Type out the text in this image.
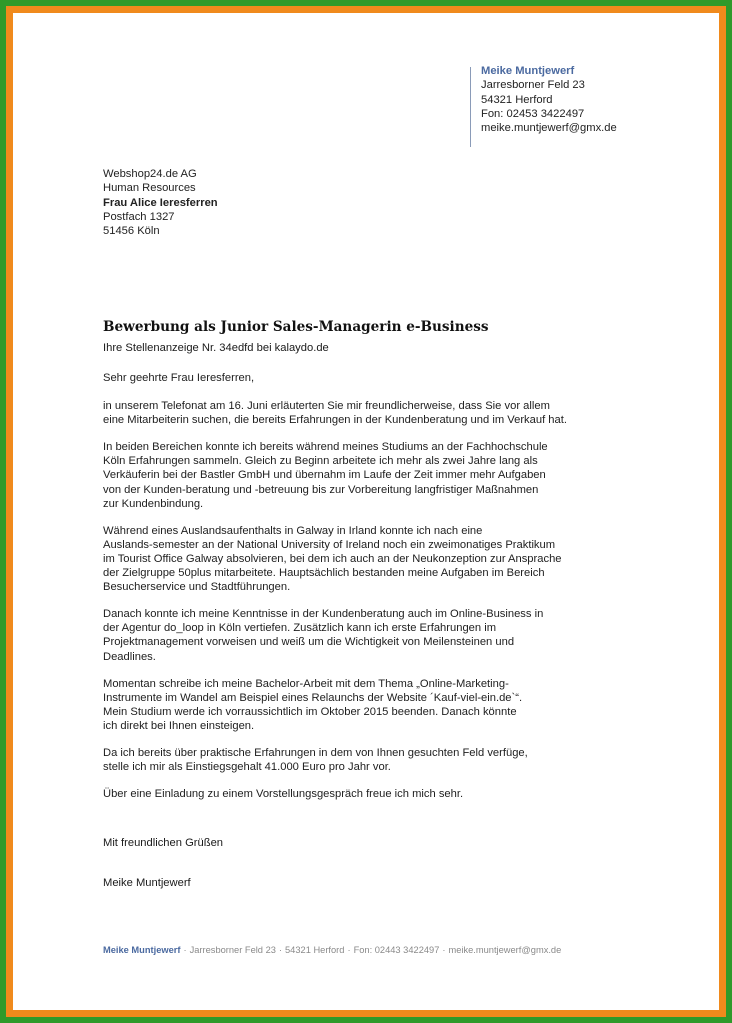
Meike Muntjewerf
Jarresborner Feld 23
54321 Herford
Fon: 02453 3422497
meike.muntjewerf@gmx.de
Webshop24.de AG
Human Resources
Frau Alice Ieresferren
Postfach 1327
51456 Köln
Bewerbung als Junior Sales-Managerin e-Business
Ihre Stellenanzeige Nr. 34edfd bei kalaydo.de

Sehr geehrte Frau Ieresferren,

in unserem Telefonat am 16. Juni erläuterten Sie mir freundlicherweise, dass Sie vor allem
eine Mitarbeiterin suchen, die bereits Erfahrungen in der Kundenberatung und im Verkauf hat.

In beiden Bereichen konnte ich bereits während meines Studiums an der Fachhochschule
Köln Erfahrungen sammeln. Gleich zu Beginn arbeitete ich mehr als zwei Jahre lang als
Verkäuferin bei der Bastler GmbH und übernahm im Laufe der Zeit immer mehr Aufgaben
von der Kunden-beratung und -betreuung bis zur Vorbereitung langfristiger Maßnahmen
zur Kundenbindung.

Während eines Auslandsaufenthalts in Galway in Irland konnte ich nach eine
Auslands-semester an der National University of Ireland noch ein zweimonatiges Praktikum
im Tourist Office Galway absolvieren, bei dem ich auch an der Neukonzeption zur Ansprache
der Zielgruppe 50plus mitarbeitete. Hauptsächlich bestanden meine Aufgaben im Bereich
Besucherservice und Stadtführungen.

Danach konnte ich meine Kenntnisse in der Kundenberatung auch im Online-Business in
der Agentur do_loop in Köln vertiefen. Zusätzlich kann ich erste Erfahrungen im
Projektmanagement vorweisen und weiß um die Wichtigkeit von Meilensteinen und
Deadlines.

Momentan schreibe ich meine Bachelor-Arbeit mit dem Thema „Online-Marketing-
Instrumente im Wandel am Beispiel eines Relaunchs der Website ´Kauf-viel-ein.de`“.
Mein Studium werde ich vorraussichtlich im Oktober 2015 beenden. Danach könnte
ich direkt bei Ihnen einsteigen.

Da ich bereits über praktische Erfahrungen in dem von Ihnen gesuchten Feld verfüge,
stelle ich mir als Einstiegsgehalt 41.000 Euro pro Jahr vor.

Über eine Einladung zu einem Vorstellungsgespräch freue ich mich sehr.

Mit freundlichen Grüßen
Meike Muntjewerf
Meike Muntjewerf · Jarresborner Feld 23 · 54321 Herford · Fon: 02443 3422497 · meike.muntjewerf@gmx.de
